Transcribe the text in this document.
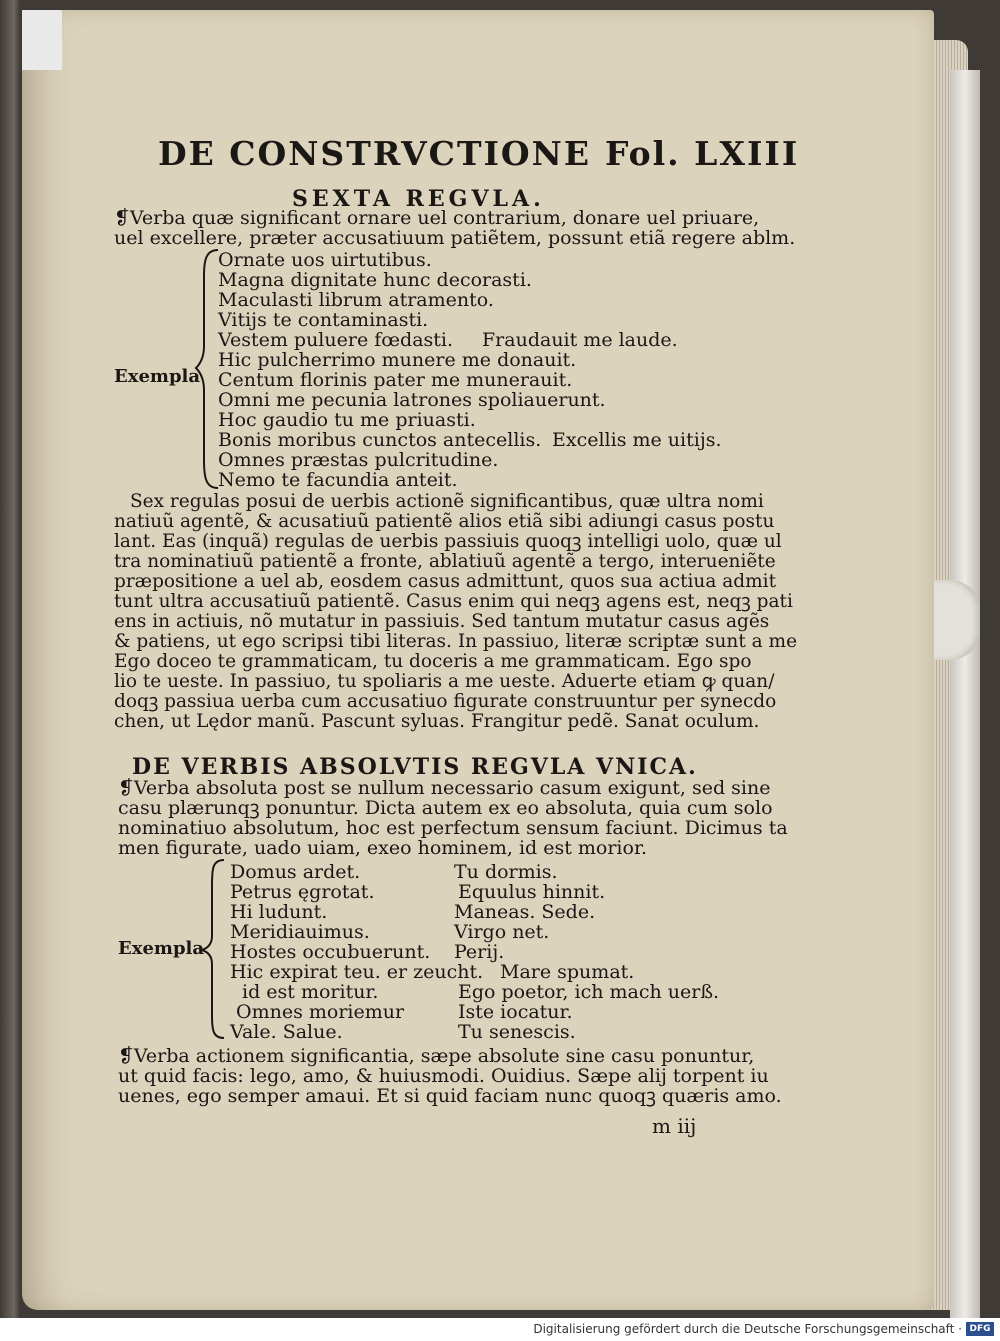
DE CONSTRVCTIONE Fol. LXIII
SEXTA REGVLA.
❡Verba quæ significant ornare uel contrarium, donare uel priuare,
uel excellere, præter accusatiuum patiẽtem, possunt etiã regere ablm.
Exempla
Ornate uos uirtutibus.
Magna dignitate hunc decorasti.
Maculasti librum atramento.
Vitijs te contaminasti.
Vestem puluere fœdasti. Fraudauit me laude.
Hic pulcherrimo munere me donauit.
Centum florinis pater me munerauit.
Omni me pecunia latrones spoliauerunt.
Hoc gaudio tu me priuasti.
Bonis moribus cunctos antecellis. Excellis me uitijs.
Omnes præstas pulcritudine.
Nemo te facundia anteit.
Sex regulas posui de uerbis actionẽ significantibus, quæ ultra nomi
natiuũ agentẽ, & acusatiuũ patientẽ alios etiã sibi adiungi casus postu
lant. Eas (inquã) regulas de uerbis passiuis quoqꝫ intelligi uolo, quæ ul
tra nominatiuũ patientẽ a fronte, ablatiuũ agentẽ a tergo, interueniẽte
præpositione a uel ab, eosdem casus admittunt, quos sua actiua admit
tunt ultra accusatiuũ patientẽ. Casus enim qui neqꝫ agens est, neqꝫ pati
ens in actiuis, nõ mutatur in passiuis. Sed tantum mutatur casus agẽs
& patiens, ut ego scripsi tibi literas. In passiuo, literæ scriptæ sunt a me
Ego doceo te grammaticam, tu doceris a me grammaticam. Ego spo
lio te ueste. In passiuo, tu spoliaris a me ueste. Aduerte etiam ꝙ quan/
doqꝫ passiua uerba cum accusatiuo figurate construuntur per synecdo
chen, ut Lędor manũ. Pascunt syluas. Frangitur pedẽ. Sanat oculum.
DE VERBIS ABSOLVTIS REGVLA VNICA.
❡Verba absoluta post se nullum necessario casum exigunt, sed sine
casu plærunqꝫ ponuntur. Dicta autem ex eo absoluta, quia cum solo
nominatiuo absolutum, hoc est perfectum sensum faciunt. Dicimus ta
men figurate, uado uiam, exeo hominem, id est morior.
Exempla
Domus ardet.
Petrus ęgrotat.
Hi ludunt.
Meridiauimus.
Hostes occubuerunt.
Hic expirat teu. er zeucht.
id est moritur.
Omnes moriemur
Vale. Salue.
Tu dormis.
Equulus hinnit.
Maneas. Sede.
Virgo net.
Perij.
Mare spumat.
Ego poetor, ich mach uerß.
Iste iocatur.
Tu senescis.
❡Verba actionem significantia, sæpe absolute sine casu ponuntur,
ut quid facis: lego, amo, & huiusmodi. Ouidius. Sæpe alij torpent iu
uenes, ego semper amaui. Et si quid faciam nunc quoqꝫ quæris amo.
m iij
Digitalisierung gefördert durch die Deutsche Forschungsgemeinschaft · DFG
